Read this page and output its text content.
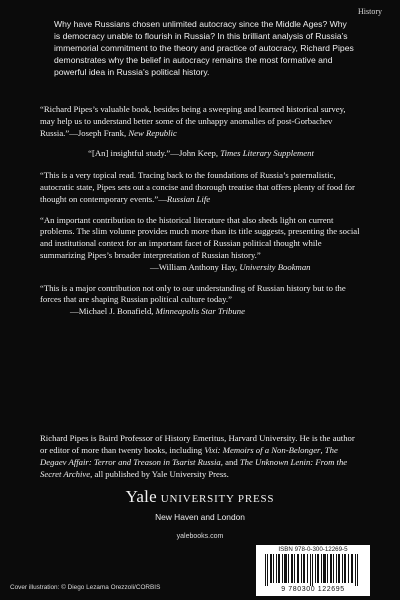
History
Why have Russians chosen unlimited autocracy since the Middle Ages? Why is democracy unable to flourish in Russia? In this brilliant analysis of Russia’s immemorial commitment to the theory and practice of autocracy, Richard Pipes demonstrates why the belief in autocracy remains the most formative and powerful idea in Russia’s political history.
“Richard Pipes’s valuable book, besides being a sweeping and learned historical survey, may help us to understand better some of the unhappy anomalies of post-Gorbachev Russia.”—Joseph Frank, New Republic
“[An] insightful study.”—John Keep, Times Literary Supplement
“This is a very topical read. Tracing back to the foundations of Russia’s paternalistic, autocratic state, Pipes sets out a concise and thorough treatise that offers plenty of food for thought on contemporary events.”—Russian Life
“An important contribution to the historical literature that also sheds light on current problems. The slim volume provides much more than its title suggests, presenting the social and institutional context for an important facet of Russian political thought while summarizing Pipes’s broader interpretation of Russian history.”
—William Anthony Hay, University Bookman
“This is a major contribution not only to our understanding of Russian history but to the forces that are shaping Russian political culture today.”
—Michael J. Bonafield, Minneapolis Star Tribune
Richard Pipes is Baird Professor of History Emeritus, Harvard University. He is the author or editor of more than twenty books, including Vixi: Memoirs of a Non-Belonger, The Degaev Affair: Terror and Treason in Tsarist Russia, and The Unknown Lenin: From the Secret Archive, all published by Yale University Press.
Yale UNIVERSITY PRESS
New Haven and London
yalebooks.com
ISBN 978-0-300-12269-5
9 780300 122695
Cover illustration: © Diego Lezama Orezzoli/CORBIS
